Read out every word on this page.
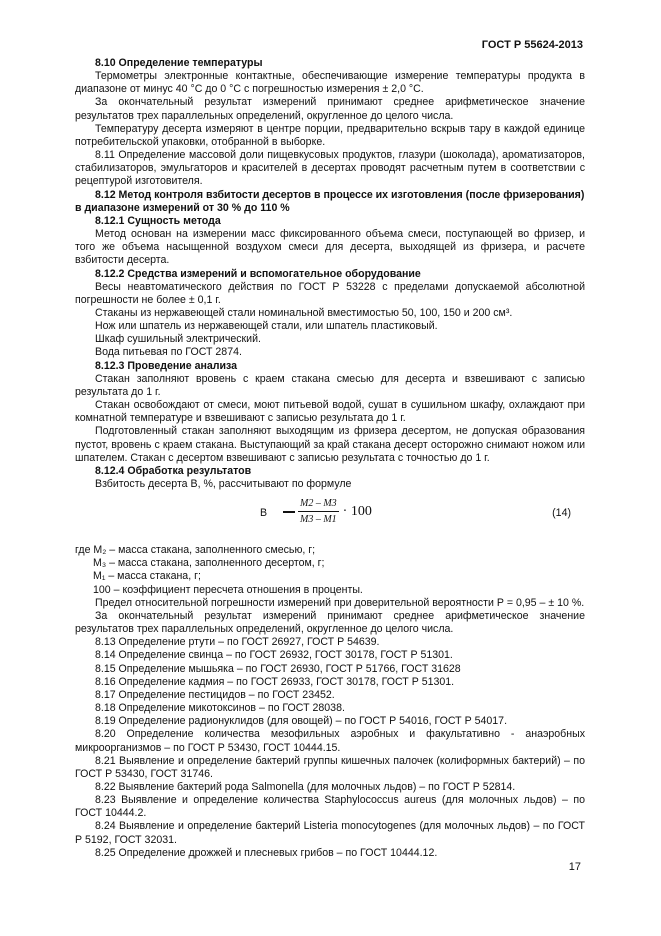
ГОСТ Р 55624-2013

8.10 Определение температуры

Термометры электронные контактные, обеспечивающие измерение температуры продукта в диапазоне от минус 40 °С до 0 °С с погрешностью измерения ± 2,0 °С.

За окончательный результат измерений принимают среднее арифметическое значение результатов трех параллельных определений, округленное до целого числа.

Температуру десерта измеряют в центре порции, предварительно вскрыв тару в каждой единице потребительской упаковки, отобранной в выборке.

8.11 Определение массовой доли пищевкусовых продуктов, глазури (шоколада), ароматизаторов, стабилизаторов, эмульгаторов и красителей в десертах проводят расчетным путем в соответствии с рецептурой изготовителя.

8.12 Метод контроля взбитости десертов в процессе их изготовления (после фризерования) в диапазоне измерений от 30 % до 110 %

8.12.1 Сущность метода

Метод основан на измерении масс фиксированного объема смеси, поступающей во фризер, и того же объема насыщенной воздухом смеси для десерта, выходящей из фризера, и расчете взбитости десерта.

8.12.2 Средства измерений и вспомогательное оборудование

Весы неавтоматического действия по ГОСТ Р 53228 с пределами допускаемой абсолютной погрешности не более ± 0,1 г.

Стаканы из нержавеющей стали номинальной вместимостью 50, 100, 150 и 200 см³.

Нож или шпатель из нержавеющей стали, или шпатель пластиковый.

Шкаф сушильный электрический.

Вода питьевая по ГОСТ 2874.

8.12.3 Проведение анализа

Стакан заполняют вровень с краем стакана смесью для десерта и взвешивают с записью результата до 1 г.

Стакан освобождают от смеси, моют питьевой водой, сушат в сушильном шкафу, охлаждают при комнатной температуре и взвешивают с записью результата до 1 г.

Подготовленный стакан заполняют выходящим из фризера десертом, не допуская образования пустот, вровень с краем стакана. Выступающий за край стакана десерт осторожно снимают ножом или шпателем. Стакан с десертом взвешивают с записью результата с точностью до 1 г.

8.12.4 Обработка результатов

Взбитость десерта В, %, рассчитывают по формуле

В	$\frac{M2 - M3}{M3 - M1} \cdot 100$	(14)
где М₂ – масса стакана, заполненного смесью, г;
М₃ – масса стакана, заполненного десертом, г;
М₁ – масса стакана, г;
100 – коэффициент пересчета отношения в проценты.

Предел относительной погрешности измерений при доверительной вероятности Р = 0,95 – ± 10 %.

За окончательный результат измерений принимают среднее арифметическое значение результатов трех параллельных определений, округленное до целого числа.

8.13 Определение ртути – по ГОСТ 26927, ГОСТ Р 54639.

8.14 Определение свинца – по ГОСТ 26932, ГОСТ 30178, ГОСТ Р 51301.

8.15 Определение мышьяка – по ГОСТ 26930, ГОСТ Р 51766, ГОСТ 31628

8.16 Определение кадмия – по ГОСТ 26933, ГОСТ 30178, ГОСТ Р 51301.

8.17 Определение пестицидов – по ГОСТ 23452.

8.18 Определение микотоксинов – по ГОСТ 28038.

8.19 Определение радионуклидов (для овощей) – по ГОСТ Р 54016, ГОСТ Р 54017.

8.20 Определение количества мезофильных аэробных и факультативно - анаэробных микроорганизмов – по ГОСТ Р 53430, ГОСТ 10444.15.

8.21 Выявление и определение бактерий группы кишечных палочек (колиформных бактерий) – по ГОСТ Р 53430, ГОСТ 31746.

8.22 Выявление бактерий рода Salmonella (для молочных льдов) – по ГОСТ Р 52814.

8.23 Выявление и определение количества Staphylococcus aureus (для молочных льдов) – по ГОСТ 10444.2.

8.24 Выявление и определение бактерий Listeria monocytogenes (для молочных льдов) – по ГОСТ Р 5192, ГОСТ 32031.

8.25 Определение дрожжей и плесневых грибов – по ГОСТ 10444.12.

17
